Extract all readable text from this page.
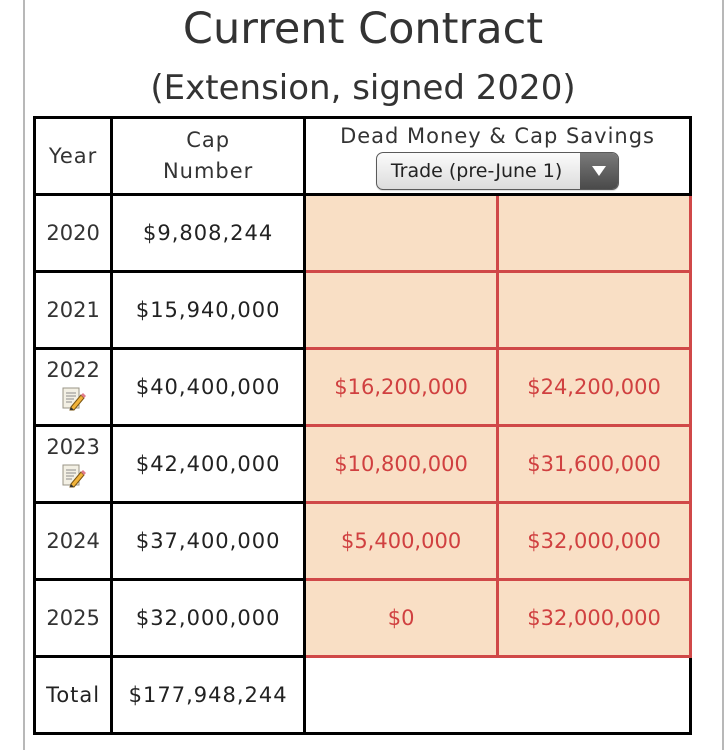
Current Contract
(Extension, signed 2020)
Year	Cap Number	Dead Money & Cap Savings
Trade (pre-June 1)	

2020	$9,808,244		
2021	$15,940,000		

2022	$40,400,000	$16,200,000	$24,200,000

2023	$42,400,000	$10,800,000	$31,600,000
2024	$37,400,000	$5,400,000	$32,000,000
2025	$32,000,000	$0	$32,000,000
Total	$177,948,244		
